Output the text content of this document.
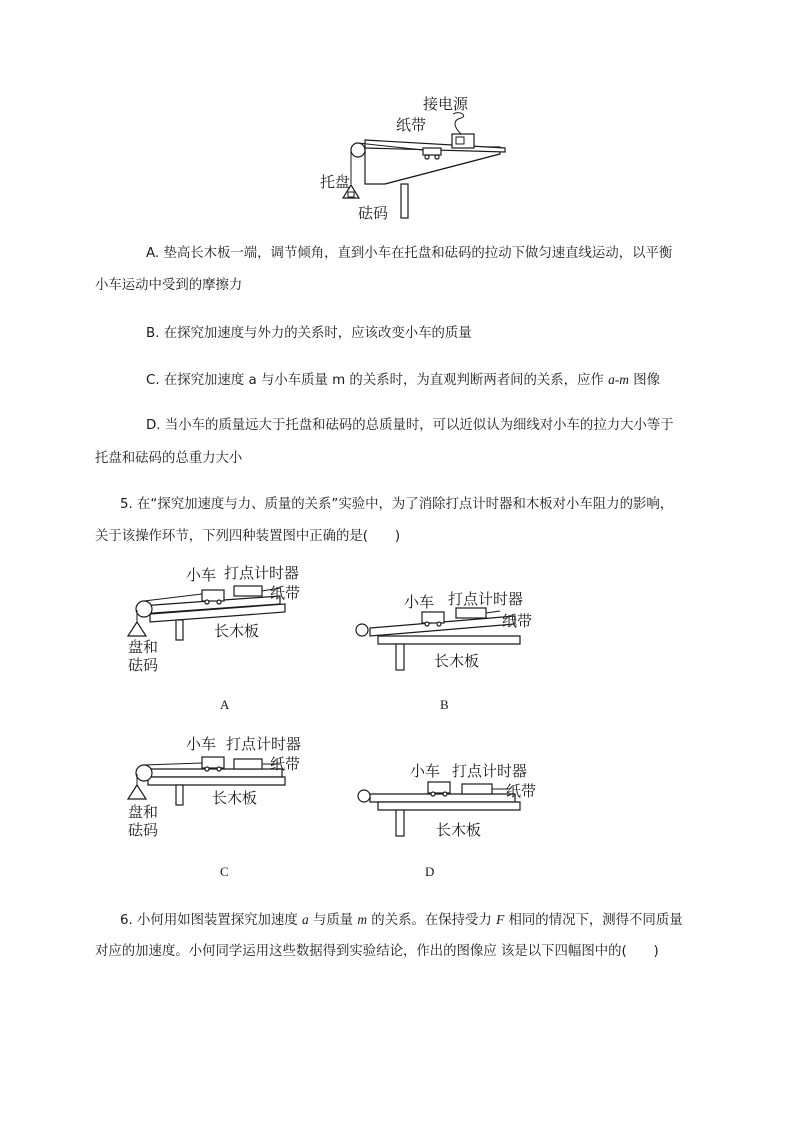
接电源
纸带
托盘
砝码
A. 垫高长木板一端，调节倾角，直到小车在托盘和砝码的拉动下做匀速直线运动，以平衡
小车运动中受到的摩擦力
B. 在探究加速度与外力的关系时，应该改变小车的质量
C. 在探究加速度 a 与小车质量 m 的关系时，为直观判断两者间的关系，应作 a-m 图像
D. 当小车的质量远大于托盘和砝码的总质量时，可以近似认为细线对小车的拉力大小等于
托盘和砝码的总重力大小
5. 在“探究加速度与力、质量的关系”实验中，为了消除打点计时器和木板对小车阻力的影响，
关于该操作环节，下列四种装置图中正确的是(　　)
小车 打点计时器
纸带
长木板
盘和
砝码
A
小车 打点计时器
纸带
长木板
B
小车 打点计时器
纸带
长木板
盘和
砝码
C
小车 打点计时器
纸带
长木板
D
6. 小何用如图装置探究加速度 a 与质量 m 的关系。在保持受力 F 相同的情况下，测得不同质量
对应的加速度。小何同学运用这些数据得到实验结论，作出的图像应 该是以下四幅图中的(　　)
